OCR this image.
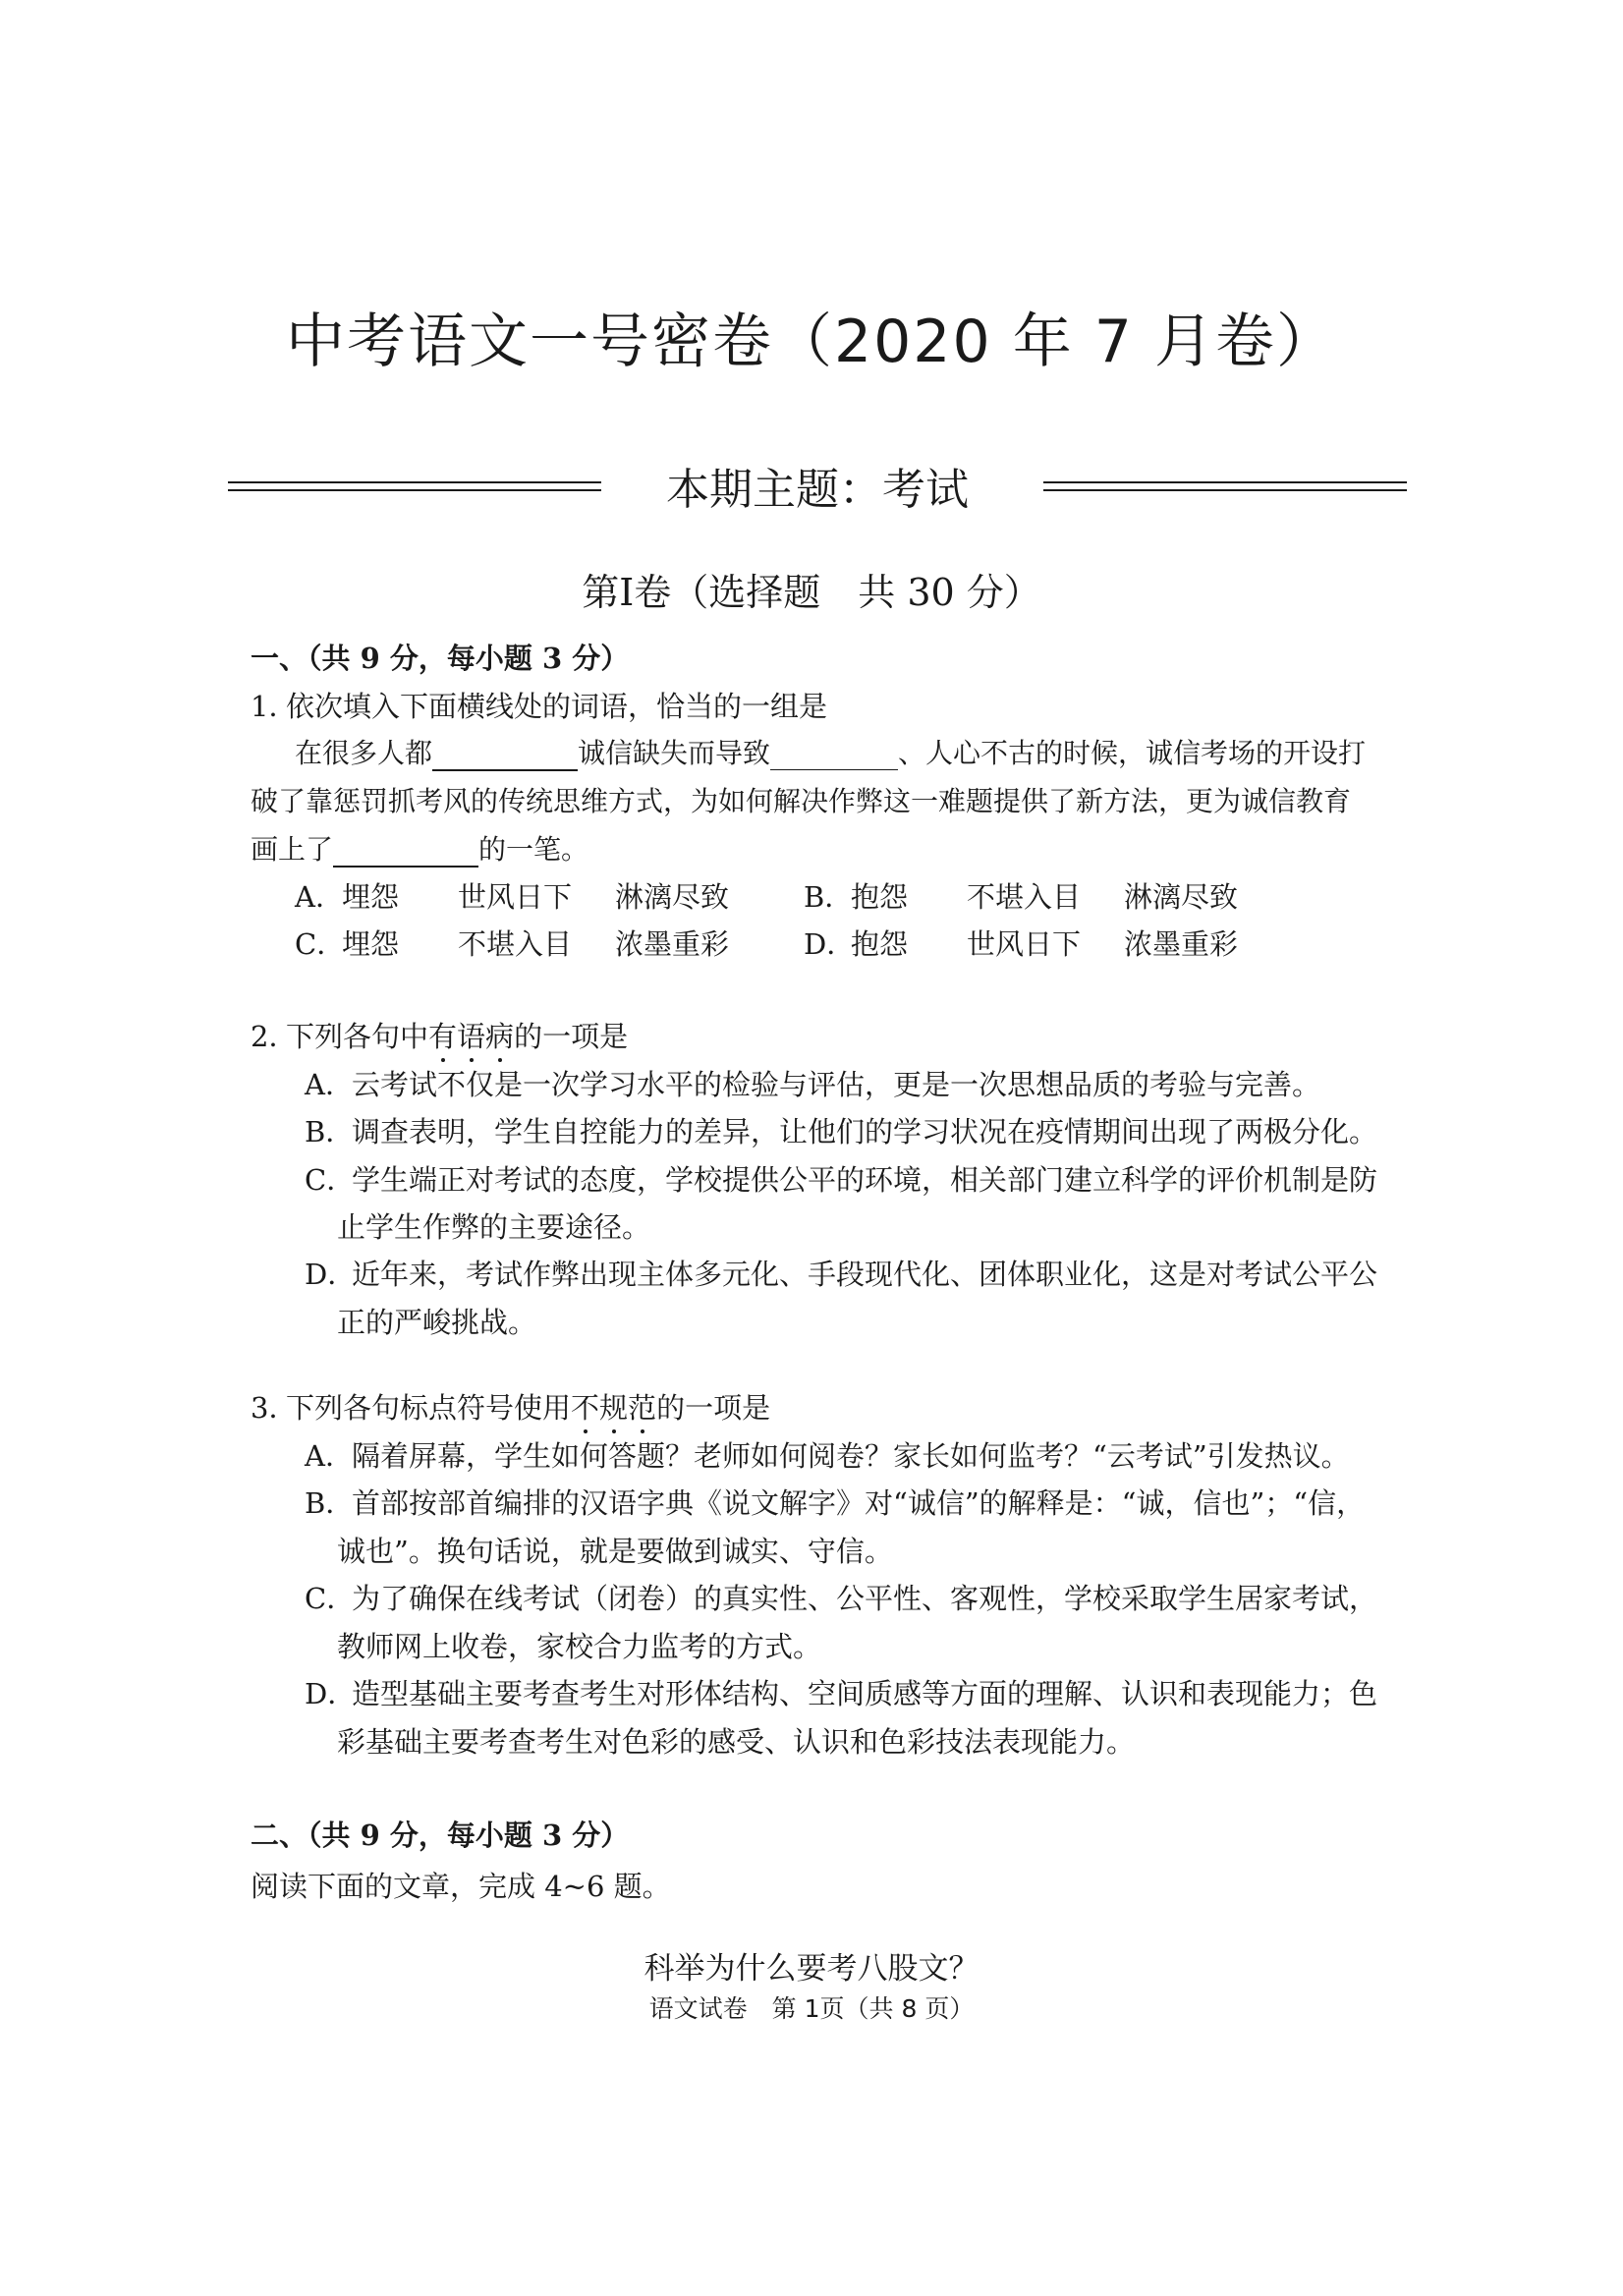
中考语文一号密卷（2020 年 7 月卷）
本期主题：考试
第Ⅰ卷（选择题　共 30 分）
一、（共 9 分，每小题 3 分）
1．依次填入下面横线处的词语，恰当的一组是
在很多人都	诚信缺失而导致	、人心不古的时候，诚信考场的开设打
破了靠惩罚抓考风的传统思维方式，为如何解决作弊这一难题提供了新方法，更为诚信教育
画上了	的一笔。
A．埋怨 世风日下 淋漓尽致	B．抱怨 不堪入目 淋漓尽致
C．埋怨 不堪入目 浓墨重彩	D．抱怨 世风日下 浓墨重彩
2．下列各句中有语病的一项是
A．云考试不仅是一次学习水平的检验与评估，更是一次思想品质的考验与完善。
B．调查表明，学生自控能力的差异，让他们的学习状况在疫情期间出现了两极分化。
C．学生端正对考试的态度，学校提供公平的环境，相关部门建立科学的评价机制是防
止学生作弊的主要途径。
D．近年来，考试作弊出现主体多元化、手段现代化、团体职业化，这是对考试公平公
正的严峻挑战。
3．下列各句标点符号使用不规范的一项是
A．隔着屏幕，学生如何答题？老师如何阅卷？家长如何监考？“云考试”引发热议。
B．首部按部首编排的汉语字典《说文解字》对“诚信”的解释是：“诚，信也”；“信，
诚也”。换句话说，就是要做到诚实、守信。
C．为了确保在线考试（闭卷）的真实性、公平性、客观性，学校采取学生居家考试，
教师网上收卷，家校合力监考的方式。
D．造型基础主要考查考生对形体结构、空间质感等方面的理解、认识和表现能力；色
彩基础主要考查考生对色彩的感受、认识和色彩技法表现能力。
二、（共 9 分，每小题 3 分）
阅读下面的文章，完成 4~6 题。
科举为什么要考八股文？
语文试卷　第 1页（共 8 页）
